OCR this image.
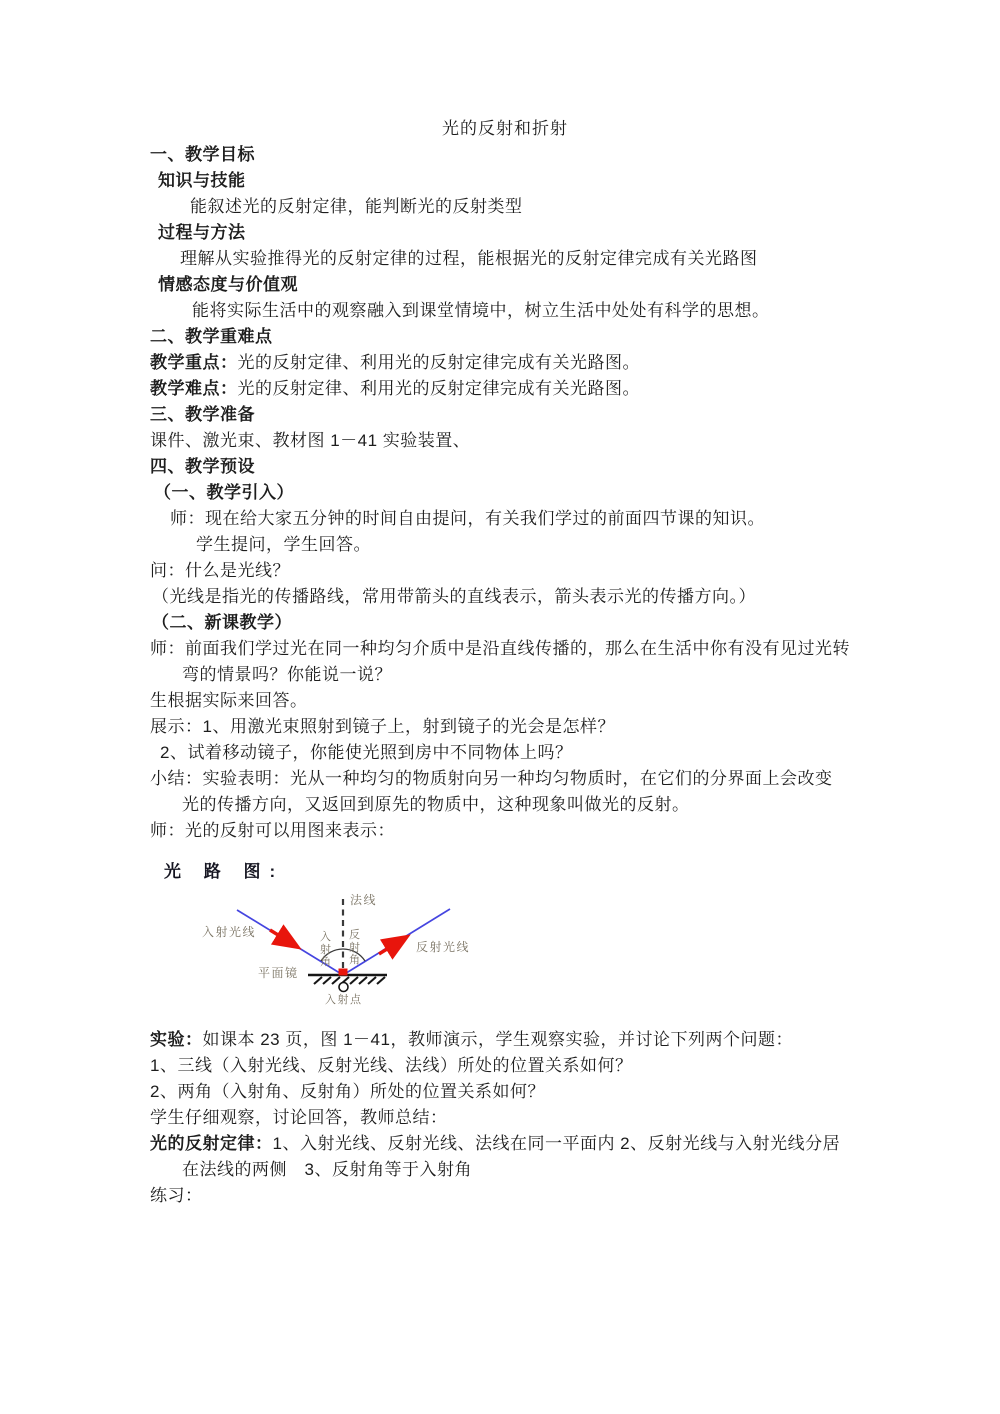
光的反射和折射
一、教学目标
知识与技能
能叙述光的反射定律，能判断光的反射类型
过程与方法
理解从实验推得光的反射定律的过程，能根据光的反射定律完成有关光路图
情感态度与价值观
能将实际生活中的观察融入到课堂情境中，树立生活中处处有科学的思想。
二、教学重难点
教学重点：光的反射定律、利用光的反射定律完成有关光路图。
教学难点：光的反射定律、利用光的反射定律完成有关光路图。
三、教学准备
课件、激光束、教材图 1－41 实验装置、
四、教学预设
（一、教学引入）
师：现在给大家五分钟的时间自由提问，有关我们学过的前面四节课的知识。
学生提问，学生回答。
问：什么是光线？
（光线是指光的传播路线，常用带箭头的直线表示，箭头表示光的传播方向。）
（二、新课教学）
师：前面我们学过光在同一种均匀介质中是沿直线传播的，那么在生活中你有没有见过光转
弯的情景吗？你能说一说？
生根据实际来回答。
展示：1、用激光束照射到镜子上，射到镜子的光会是怎样？
2、试着移动镜子，你能使光照到房中不同物体上吗？
小结：实验表明：光从一种均匀的物质射向另一种均匀物质时，在它们的分界面上会改变
光的传播方向，又返回到原先的物质中，这种现象叫做光的反射。
师：光的反射可以用图来表示：
光 路 图:
法线
入射光线
反射光线
入射角
反射角
平面镜
入射点
实验：如课本 23 页，图 1－41，教师演示，学生观察实验，并讨论下列两个问题：
1、三线（入射光线、反射光线、法线）所处的位置关系如何？
2、两角（入射角、反射角）所处的位置关系如何？
学生仔细观察，讨论回答，教师总结：
光的反射定律：1、入射光线、反射光线、法线在同一平面内 2、反射光线与入射光线分居
在法线的两侧　3、反射角等于入射角
练习：
